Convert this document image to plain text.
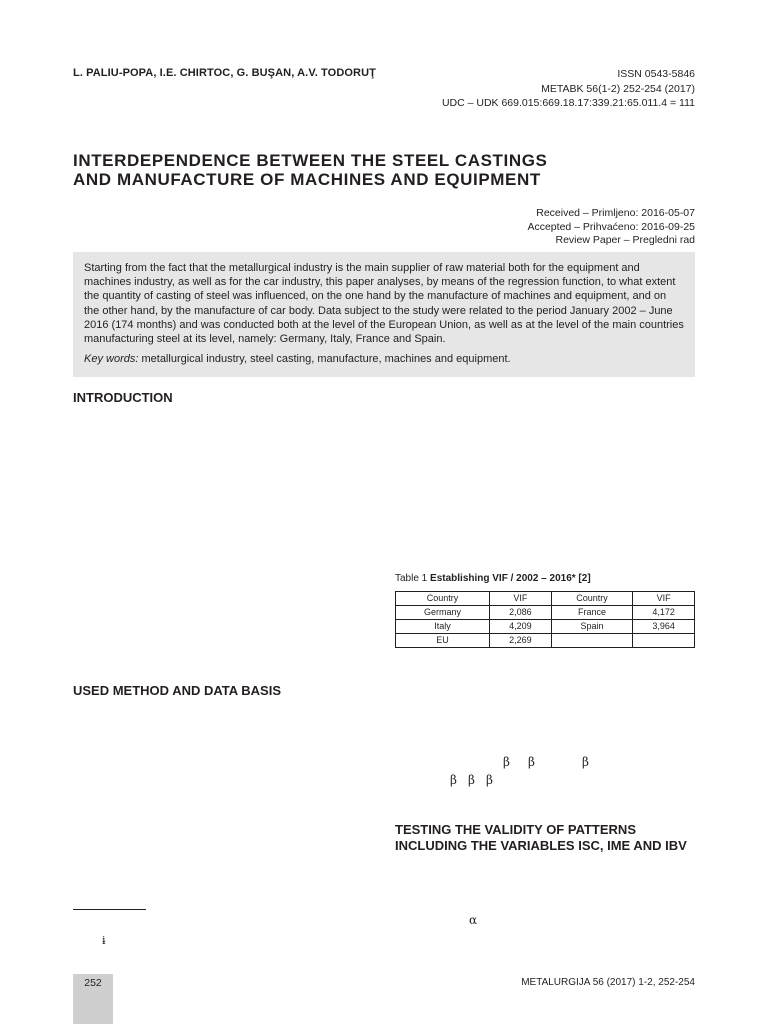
L. PALIU-POPA, I.E. CHIRTOC, G. BUŞAN, A.V. TODORUŢ	ISSN 0543-5846
METABK 56(1-2) 252-254 (2017)
UDC – UDK 669.015:669.18.17:339.21:65.011.4 = 111
INTERDEPENDENCE BETWEEN THE STEEL CASTINGS
AND MANUFACTURE OF MACHINES AND EQUIPMENT
Received – Primljeno: 2016-05-07
Accepted – Prihvaćeno: 2016-09-25
Review Paper – Pregledni rad

Starting from the fact that the metallurgical industry is the main supplier of raw material both for the equipment and machines industry, as well as for the car industry, this paper analyses, by means of the regression function, to what extent the quantity of casting of steel was influenced, on the one hand by the manufacture of machines and equipment, and on the other hand, by the manufacture of car body. Data subject to the study were related to the period January 2002 – June 2016 (174 months) and was conducted both at the level of the European Union, as well as at the level of the main countries manufacturing steel at its level, namely: Germany, Italy, France and Spain.

Key words: metallurgical industry, steel casting, manufacture, machines and equipment.

INTRODUCTION
Table 1 Establishing VIF / 2002 – 2016* [2]
Country	VIF	Country	VIF
Germany	2,086	France	4,172
Italy	4,209	Spain	3,964
EU	2,269		
USED METHOD AND DATA BASIS
β β	β
β β β
TESTING THE VALIDITY OF PATTERNS
INCLUDING THE VARIABLES ISC, IME AND IBV
ɨ
α
252	METALURGIJA 56 (2017) 1-2, 252-254
